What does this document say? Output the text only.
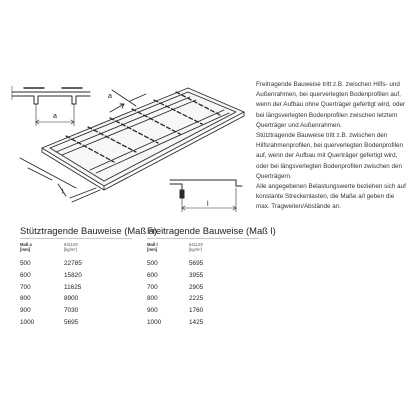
a
a
l
l

Freitragende Bauweise tritt z.B. zwischen Hilfs- und Außenrahmen, bei querverlegten Bodenprofilen auf, wenn der Aufbau ohne Querträger gefertigt wird, oder bei längsverlegten Bodenprofilen zwischen letztem Querträger und Außenrahmen.

Stütztragende Bauweise tritt z.B. zwischen den Hilfsrahmenprofilen, bei querverlegten Bodenprofilen auf, wenn der Aufbau mit Querträger gefertigt wird, oder bei längsverlegten Bodenprofilen zwischen den Querträgern.

Alle angegebenen Belastungswerte beziehen sich auf konstante Streckenlasten, die Maße a/l geben die max. Tragweiten/Abstände an.

Stütztragende Bauweise (Maß a)
Maß a
[mm]
641129
[kg/m²]
500	22785
600	15820
700	11625
800	8900
900	7030
1000	5695
Freitragende Bauweise (Maß l)
Maß l
[mm]
641129
[kg/m²]
500	5695
600	3955
700	2905
800	2225
900	1760
1000	1425
